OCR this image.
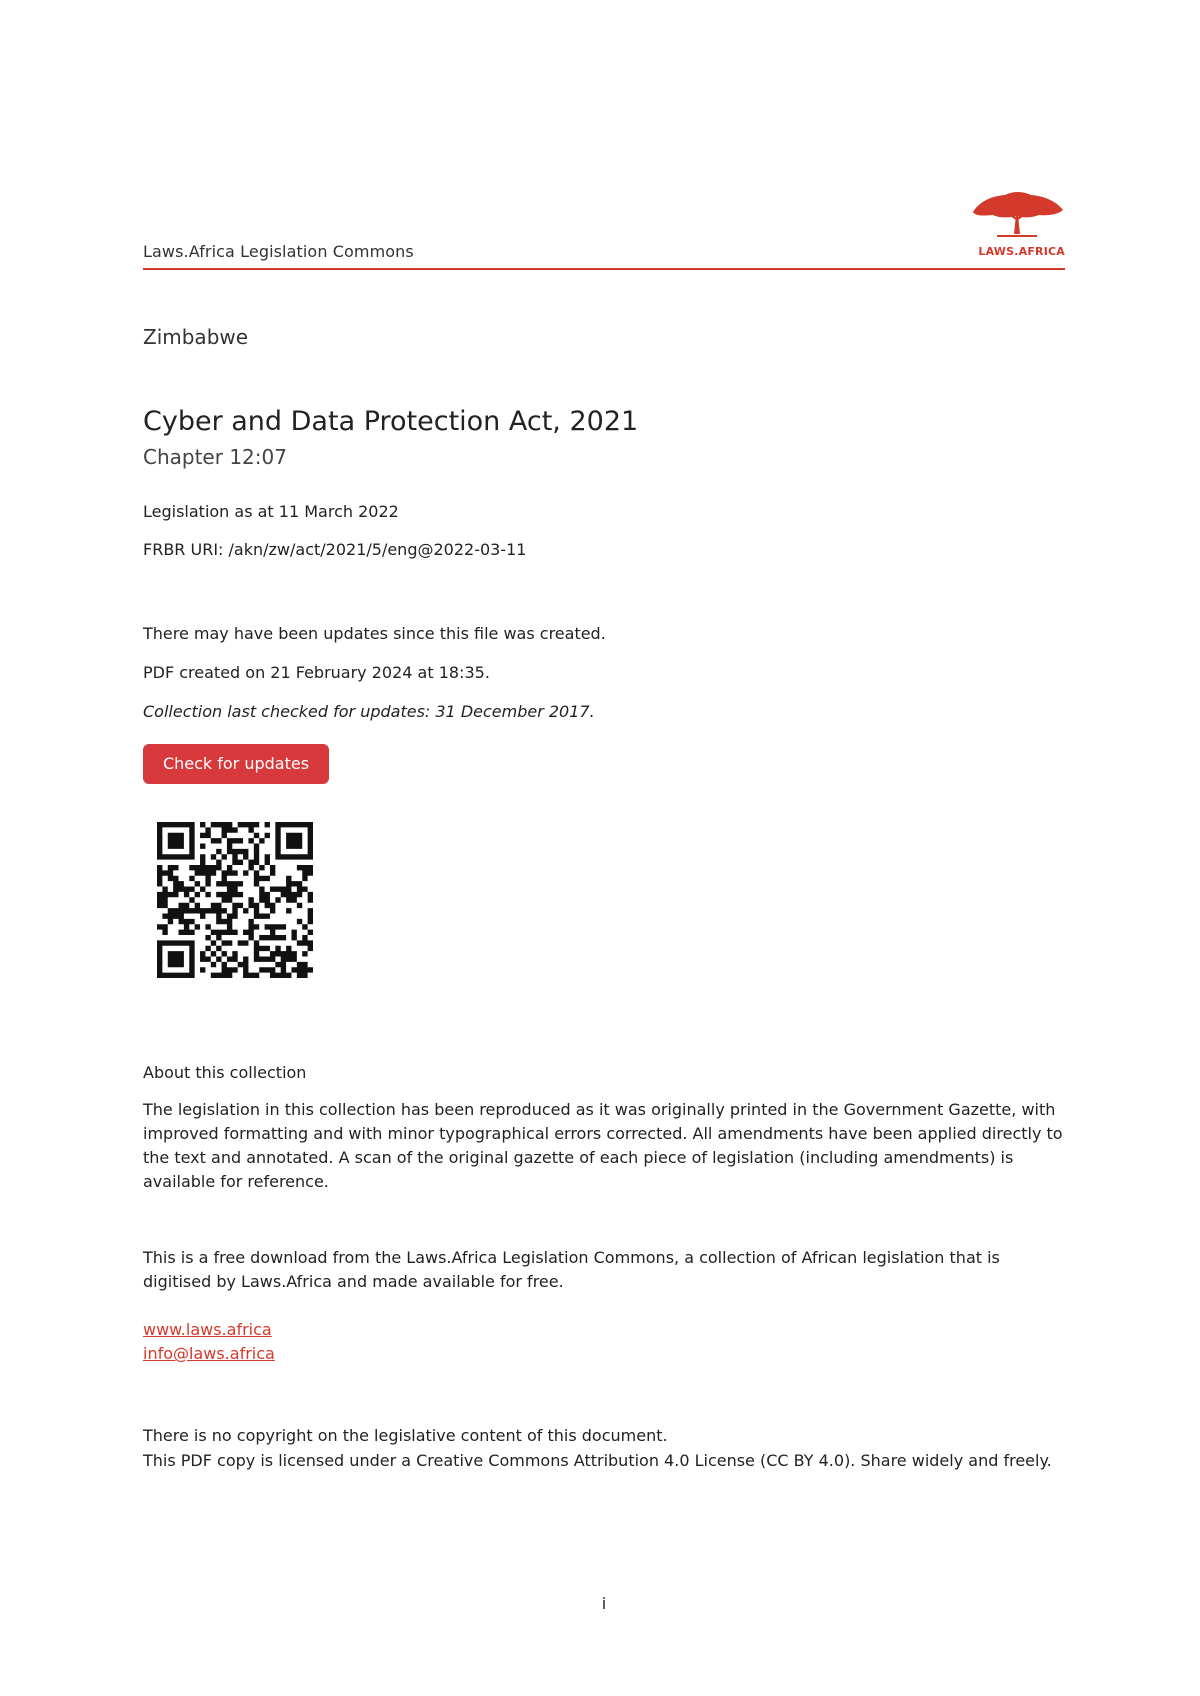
Laws.Africa Legislation Commons	LAWS.AFRICA
Zimbabwe
Cyber and Data Protection Act, 2021
Chapter 12:07
Legislation as at 11 March 2022
FRBR URI: /akn/zw/act/2021/5/eng@2022-03-11
There may have been updates since this file was created.
PDF created on 21 February 2024 at 18:35.
Collection last checked for updates: 31 December 2017.
Check for updates
About this collection
The legislation in this collection has been reproduced as it was originally printed in the Government Gazette, with improved formatting and with minor typographical errors corrected. All amendments have been applied directly to the text and annotated. A scan of the original gazette of each piece of legislation (including amendments) is available for reference.
This is a free download from the Laws.Africa Legislation Commons, a collection of African legislation that is digitised by Laws.Africa and made available for free.
www.laws.africa
info@laws.africa
There is no copyright on the legislative content of this document.
This PDF copy is licensed under a Creative Commons Attribution 4.0 License (CC BY 4.0). Share widely and freely.
i
